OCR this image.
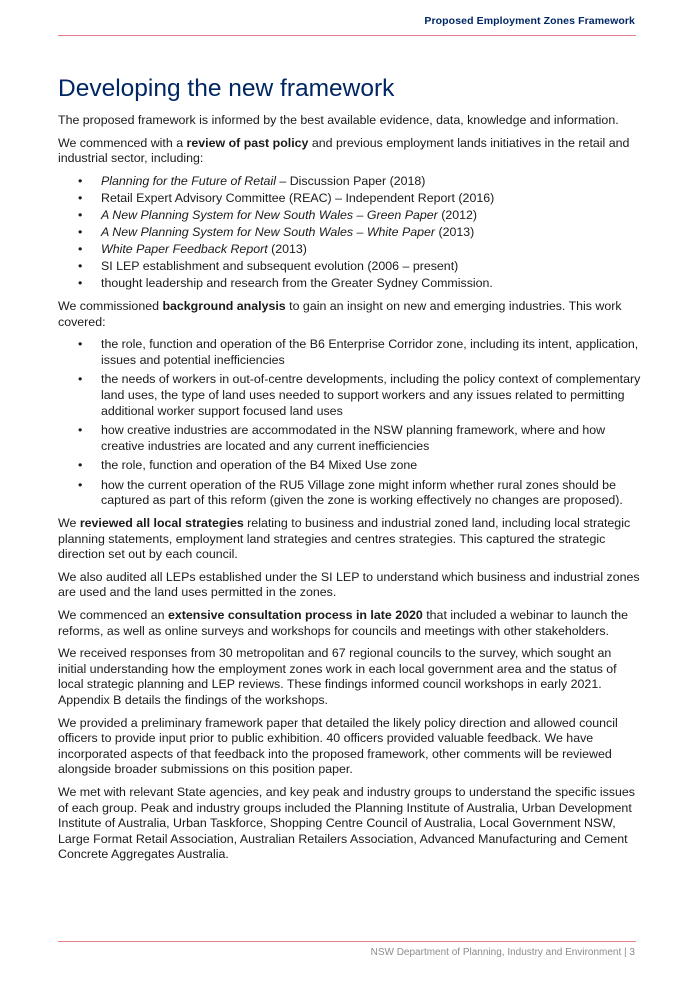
Proposed Employment Zones Framework
Developing the new framework

The proposed framework is informed by the best available evidence, data, knowledge and information.

We commenced with a review of past policy and previous employment lands initiatives in the retail and industrial sector, including:

• Planning for the Future of Retail – Discussion Paper (2018)
• Retail Expert Advisory Committee (REAC) – Independent Report (2016)
• A New Planning System for New South Wales – Green Paper (2012)
• A New Planning System for New South Wales – White Paper (2013)
• White Paper Feedback Report (2013)
• SI LEP establishment and subsequent evolution (2006 – present)
• thought leadership and research from the Greater Sydney Commission.

We commissioned background analysis to gain an insight on new and emerging industries. This work covered:

• the role, function and operation of the B6 Enterprise Corridor zone, including its intent, application, issues and potential inefficiencies
• the needs of workers in out-of-centre developments, including the policy context of complementary land uses, the type of land uses needed to support workers and any issues related to permitting additional worker support focused land uses
• how creative industries are accommodated in the NSW planning framework, where and how creative industries are located and any current inefficiencies
• the role, function and operation of the B4 Mixed Use zone
• how the current operation of the RU5 Village zone might inform whether rural zones should be captured as part of this reform (given the zone is working effectively no changes are proposed).

We reviewed all local strategies relating to business and industrial zoned land, including local strategic planning statements, employment land strategies and centres strategies. This captured the strategic direction set out by each council.

We also audited all LEPs established under the SI LEP to understand which business and industrial zones are used and the land uses permitted in the zones.

We commenced an extensive consultation process in late 2020 that included a webinar to launch the reforms, as well as online surveys and workshops for councils and meetings with other stakeholders.

We received responses from 30 metropolitan and 67 regional councils to the survey, which sought an initial understanding how the employment zones work in each local government area and the status of local strategic planning and LEP reviews. These findings informed council workshops in early 2021. Appendix B details the findings of the workshops.

We provided a preliminary framework paper that detailed the likely policy direction and allowed council officers to provide input prior to public exhibition. 40 officers provided valuable feedback. We have incorporated aspects of that feedback into the proposed framework, other comments will be reviewed alongside broader submissions on this position paper.

We met with relevant State agencies, and key peak and industry groups to understand the specific issues of each group. Peak and industry groups included the Planning Institute of Australia, Urban Development Institute of Australia, Urban Taskforce, Shopping Centre Council of Australia, Local Government NSW, Large Format Retail Association, Australian Retailers Association, Advanced Manufacturing and Cement Concrete Aggregates Australia.

NSW Department of Planning, Industry and Environment | 3
